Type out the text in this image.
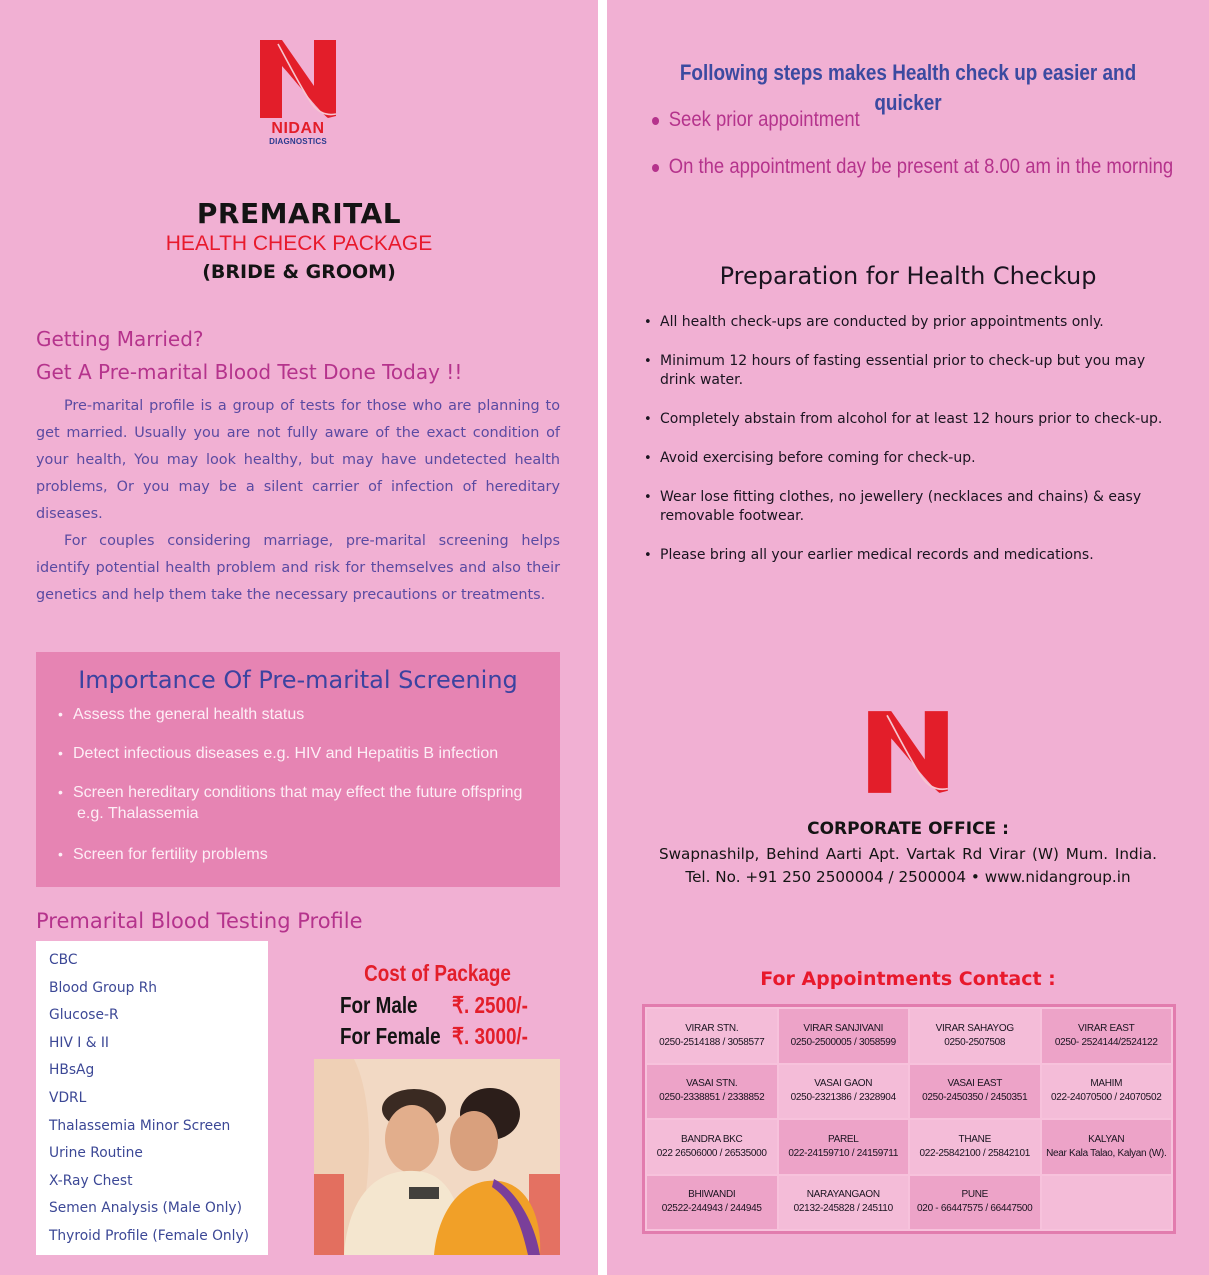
NIDAN
DIAGNOSTICS
PREMARITAL
HEALTH CHECK PACKAGE
(BRIDE & GROOM)
Getting Married?
Get A Pre-marital Blood Test Done Today !!

Pre-marital profile is a group of tests for those who are planning to get married. Usually you are not fully aware of the exact condition of your health, You may look healthy, but may have undetected health problems, Or you may be a silent carrier of infection of hereditary diseases.

For couples considering marriage, pre-marital screening helps identify potential health problem and risk for themselves and also their genetics and help them take the necessary precautions or treatments.

Importance Of Pre-marital Screening
• Assess the general health status
• Detect infectious diseases e.g. HIV and Hepatitis B infection
• Screen hereditary conditions that may effect the future offspring
e.g. Thalassemia
• Screen for fertility problems
Premarital Blood Testing Profile
CBC
Blood Group Rh
Glucose-R
HIV I & II
HBsAg
VDRL
Thalassemia Minor Screen
Urine Routine
X-Ray Chest
Semen Analysis (Male Only)
Thyroid Profile (Female Only)
Cost of Package
For Male ₹. 2500/-
For Female ₹. 3000/-
Following steps makes Health check up easier and quicker
Seek prior appointment
On the appointment day be present at 8.00 am in the morning
Preparation for Health Checkup
• All health check-ups are conducted by prior appointments only.
• Minimum 12 hours of fasting essential prior to check-up but you may drink water.
• Completely abstain from alcohol for at least 12 hours prior to check-up.
• Avoid exercising before coming for check-up.
• Wear lose fitting clothes, no jewellery (necklaces and chains) & easy removable footwear.
• Please bring all your earlier medical records and medications.
CORPORATE OFFICE :
Swapnashilp, Behind Aarti Apt. Vartak Rd Virar (W) Mum. India.
Tel. No. +91 250 2500004 / 2500004 • www.nidangroup.in
For Appointments Contact :
VIRAR STN.
0250-2514188 / 3058577
VIRAR SANJIVANI
0250-2500005 / 3058599
VIRAR SAHAYOG
0250-2507508
VIRAR EAST
0250- 2524144/2524122
VASAI STN.
0250-2338851 / 2338852
VASAI GAON
0250-2321386 / 2328904
VASAI EAST
0250-2450350 / 2450351
MAHIM
022-24070500 / 24070502
BANDRA BKC
022 26506000 / 26535000
PAREL
022-24159710 / 24159711
THANE
022-25842100 / 25842101
KALYAN
Near Kala Talao, Kalyan (W).
BHIWANDI
02522-244943 / 244945
NARAYANGAON
02132-245828 / 245110
PUNE
020 - 66447575 / 66447500
